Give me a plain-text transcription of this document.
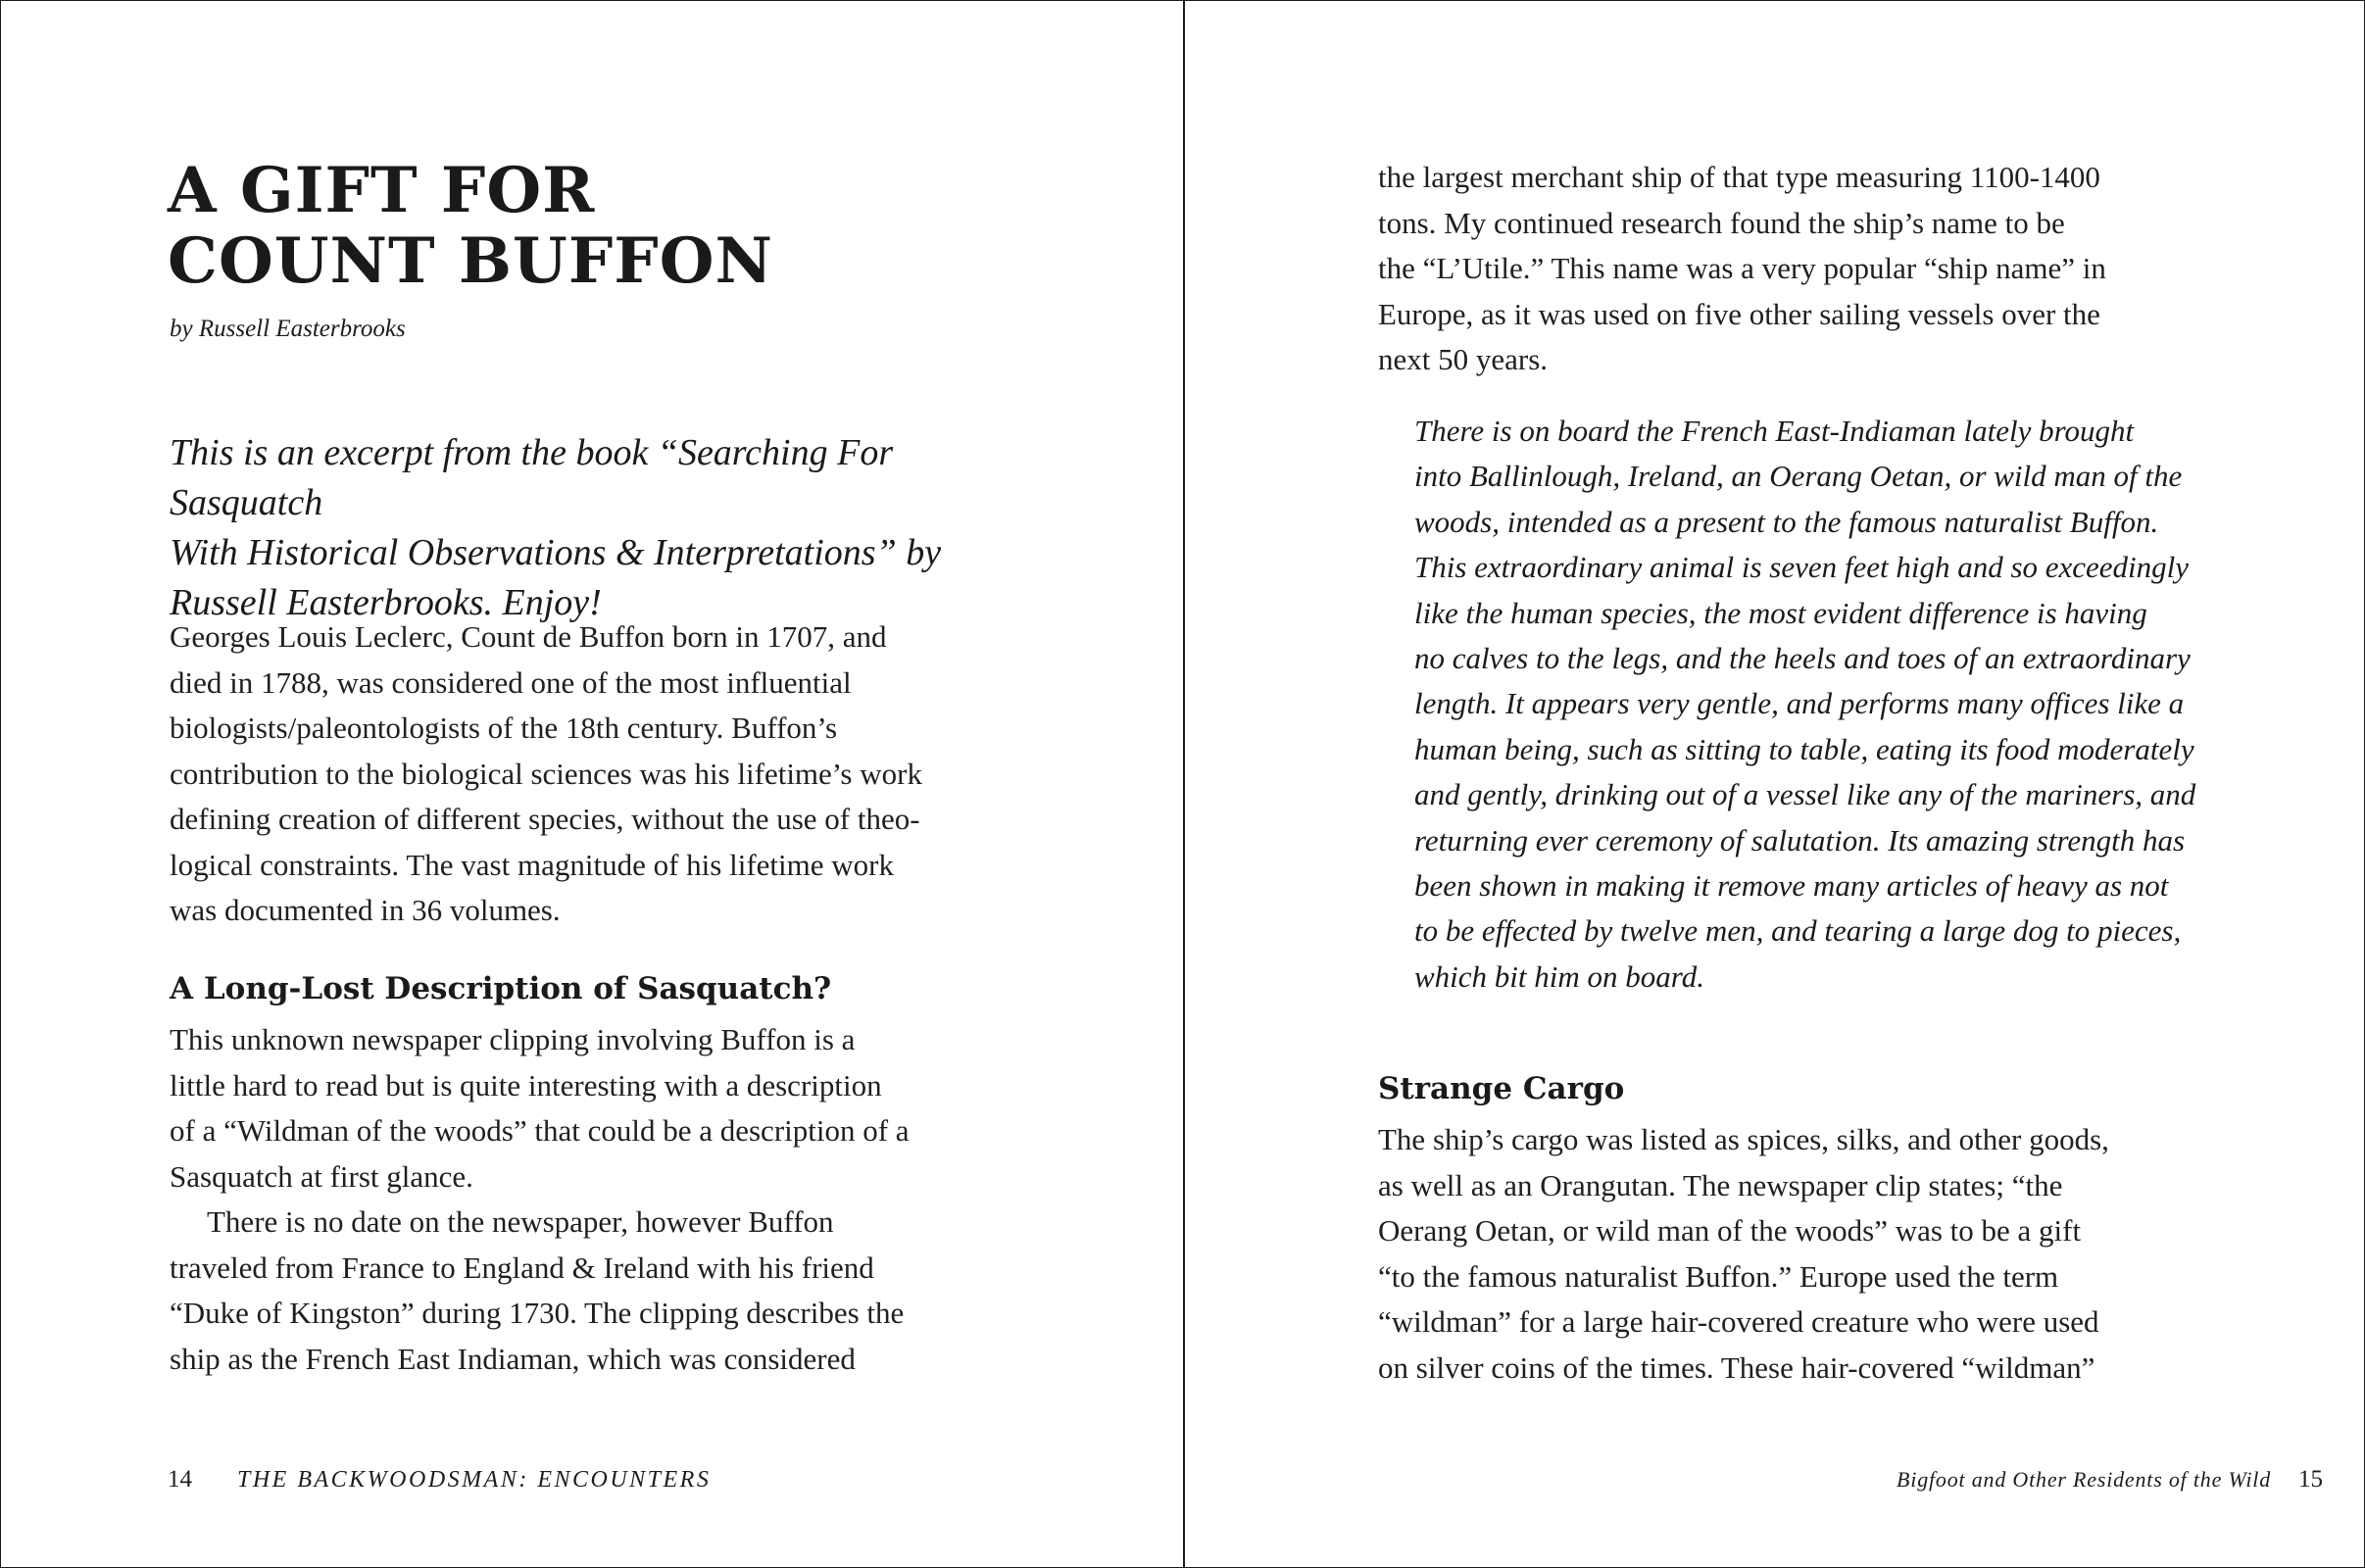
A GIFT FOR
COUNT BUFFON
by Russell Easterbrooks
This is an excerpt from the book “Searching For Sasquatch
With Historical Observations & Interpretations” by
Russell Easterbrooks. Enjoy!
Georges Louis Leclerc, Count de Buffon born in 1707, and
died in 1788, was considered one of the most influential
biologists/paleontologists of the 18th century. Buffon’s
contribution to the biological sciences was his lifetime’s work
defining creation of different species, without the use of theo-
logical constraints. The vast magnitude of his lifetime work
was documented in 36 volumes.
A Long-Lost Description of Sasquatch?
This unknown newspaper clipping involving Buffon is a
little hard to read but is quite interesting with a description
of a “Wildman of the woods” that could be a description of a
Sasquatch at first glance.
There is no date on the newspaper, however Buffon
traveled from France to England & Ireland with his friend
“Duke of Kingston” during 1730. The clipping describes the
ship as the French East Indiaman, which was considered
14 THE BACKWOODSMAN: ENCOUNTERS
the largest merchant ship of that type measuring 1100-1400
tons. My continued research found the ship’s name to be
the “L’Utile.” This name was a very popular “ship name” in
Europe, as it was used on five other sailing vessels over the
next 50 years.
There is on board the French East-Indiaman lately brought
into Ballinlough, Ireland, an Oerang Oetan, or wild man of the
woods, intended as a present to the famous naturalist Buffon.
This extraordinary animal is seven feet high and so exceedingly
like the human species, the most evident difference is having
no calves to the legs, and the heels and toes of an extraordinary
length. It appears very gentle, and performs many offices like a
human being, such as sitting to table, eating its food moderately
and gently, drinking out of a vessel like any of the mariners, and
returning ever ceremony of salutation. Its amazing strength has
been shown in making it remove many articles of heavy as not
to be effected by twelve men, and tearing a large dog to pieces,
which bit him on board.
Strange Cargo
The ship’s cargo was listed as spices, silks, and other goods,
as well as an Orangutan. The newspaper clip states; “the
Oerang Oetan, or wild man of the woods” was to be a gift
“to the famous naturalist Buffon.” Europe used the term
“wildman” for a large hair-covered creature who were used
on silver coins of the times. These hair-covered “wildman”
Bigfoot and Other Residents of the Wild 15
